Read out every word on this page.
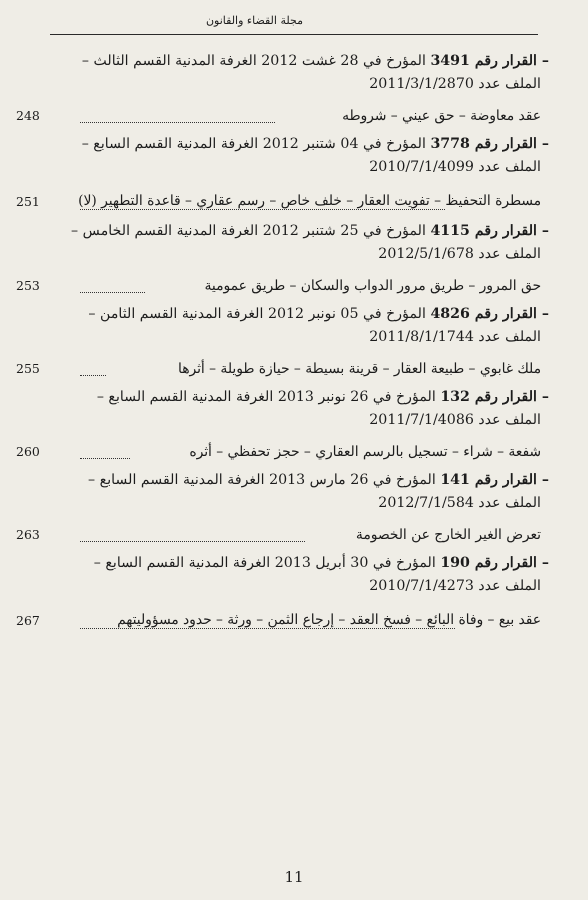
مجلة القضاء والقانون
– القرار رقم 3491 المؤرخ في 28 غشت 2012 الغرفة المدنية القسم الثالث –
الملف عدد 2011/3/1/2870
عقد معاوضة – حق عيني – شروطه
248
– القرار رقم 3778 المؤرخ في 04 شتنبر 2012 الغرفة المدنية القسم السابع –
الملف عدد 2010/7/1/4099
مسطرة التحفيظ – تفويت العقار – خلف خاص – رسم عقاري – قاعدة التطهير (لا)
251
– القرار رقم 4115 المؤرخ في 25 شتنبر 2012 الغرفة المدنية القسم الخامس –
الملف عدد 2012/5/1/678
حق المرور – طريق مرور الدواب والسكان – طريق عمومية
253
– القرار رقم 4826 المؤرخ في 05 نونبر 2012 الغرفة المدنية القسم الثامن –
الملف عدد 2011/8/1/1744
ملك غابوي – طبيعة العقار – قرينة بسيطة – حيازة طويلة – أثرها
255
– القرار رقم 132 المؤرخ في 26 نونبر 2013 الغرفة المدنية القسم السابع –
الملف عدد 2011/7/1/4086
شفعة – شراء – تسجيل بالرسم العقاري – حجز تحفظي – أثره
260
– القرار رقم 141 المؤرخ في 26 مارس 2013 الغرفة المدنية القسم السابع –
الملف عدد 2012/7/1/584
تعرض الغير الخارج عن الخصومة
263
– القرار رقم 190 المؤرخ في 30 أبريل 2013 الغرفة المدنية القسم السابع –
الملف عدد 2010/7/1/4273
عقد بيع – وفاة البائع – فسخ العقد – إرجاع الثمن – ورثة – حدود مسؤوليتهم
267
11
